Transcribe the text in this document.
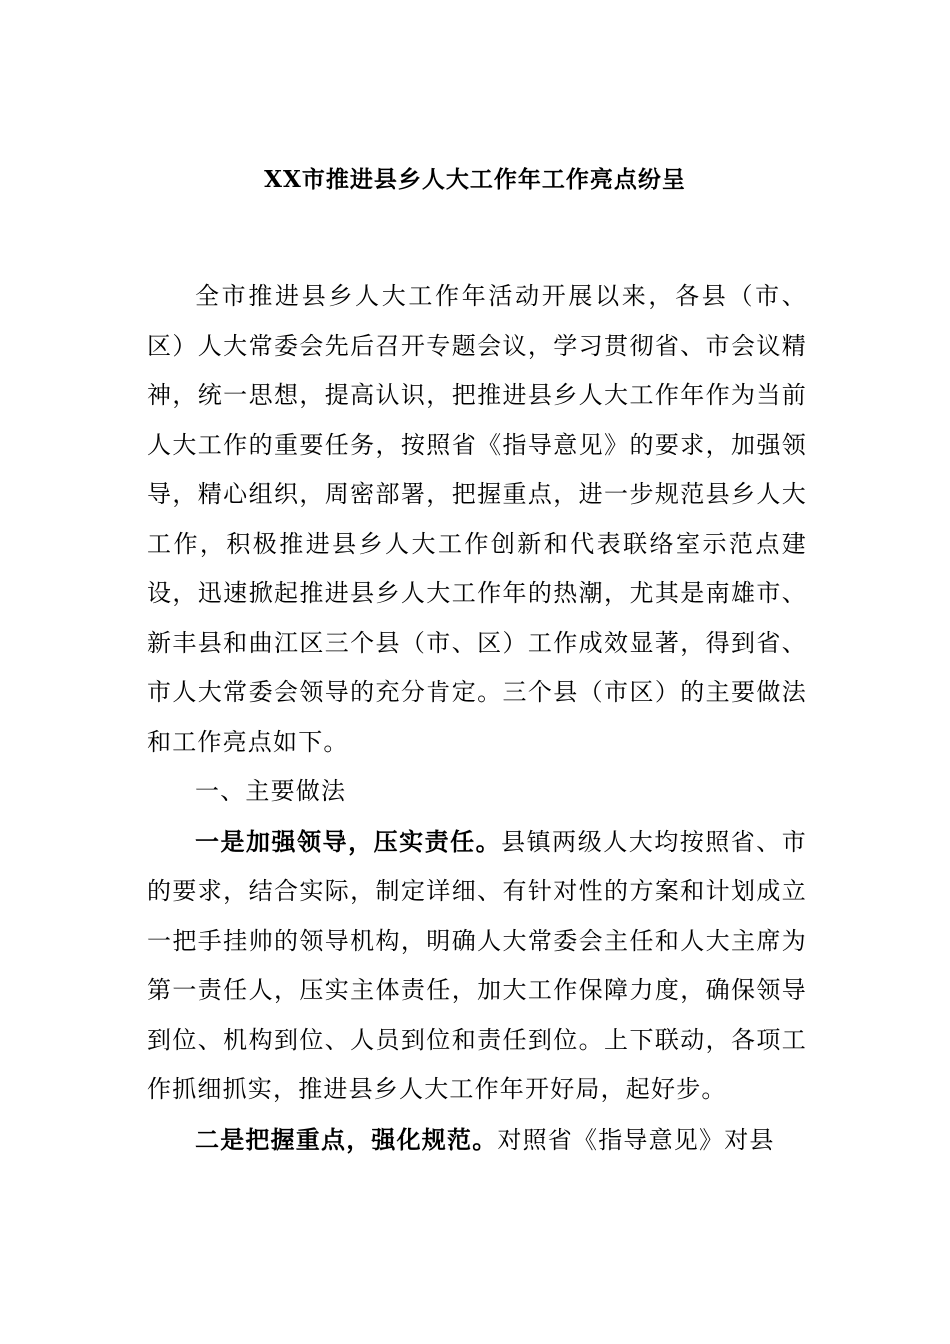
XX市推进县乡人大工作年工作亮点纷呈

全市推进县乡人大工作年活动开展以来，各县（市、区）人大常委会先后召开专题会议，学习贯彻省、市会议精神，统一思想，提高认识，把推进县乡人大工作年作为当前人大工作的重要任务，按照省《指导意见》的要求，加强领导，精心组织，周密部署，把握重点，进一步规范县乡人大工作，积极推进县乡人大工作创新和代表联络室示范点建设，迅速掀起推进县乡人大工作年的热潮，尤其是南雄市、新丰县和曲江区三个县（市、区）工作成效显著，得到省、市人大常委会领导的充分肯定。三个县（市区）的主要做法和工作亮点如下。

一、主要做法

一是加强领导，压实责任。县镇两级人大均按照省、市的要求，结合实际，制定详细、有针对性的方案和计划成立一把手挂帅的领导机构，明确人大常委会主任和人大主席为第一责任人，压实主体责任，加大工作保障力度，确保领导到位、机构到位、人员到位和责任到位。上下联动，各项工作抓细抓实，推进县乡人大工作年开好局，起好步。

二是把握重点，强化规范。对照省《指导意见》对县
